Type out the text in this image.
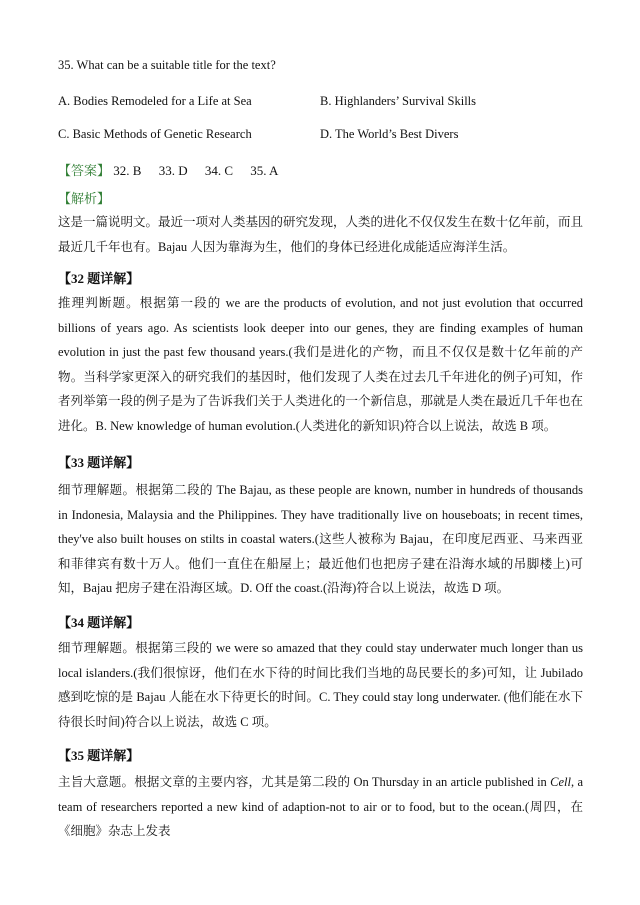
35. What can be a suitable title for the text?
A. Bodies Remodeled for a Life at Sea	B. Highlanders’ Survival Skills
C. Basic Methods of Genetic Research	D. The World’s Best Divers
【答案】 32. B 33. D 34. C 35. A
【解析】
这是一篇说明文。最近一项对人类基因的研究发现，人类的进化不仅仅发生在数十亿年前，而且最近几千年也有。Bajau 人因为靠海为生，他们的身体已经进化成能适应海洋生活。
【32 题详解】
推理判断题。根据第一段的 we are the products of evolution, and not just evolution that occurred billions of years ago. As scientists look deeper into our genes, they are finding examples of human evolution in just the past few thousand years.(我们是进化的产物，而且不仅仅是数十亿年前的产物。当科学家更深入的研究我们的基因时，他们发现了人类在过去几千年进化的例子)可知，作者列举第一段的例子是为了告诉我们关于人类进化的一个新信息，那就是人类在最近几千年也在进化。B. New knowledge of human evolution.(人类进化的新知识)符合以上说法，故选 B 项。
【33 题详解】
细节理解题。根据第二段的 The Bajau, as these people are known, number in hundreds of thousands in Indonesia, Malaysia and the Philippines. They have traditionally live on houseboats; in recent times, they've also built houses on stilts in coastal waters.(这些人被称为 Bajau，在印度尼西亚、马来西亚和菲律宾有数十万人。他们一直住在船屋上；最近他们也把房子建在沿海水域的吊脚楼上)可知，Bajau 把房子建在沿海区域。D. Off the coast.(沿海)符合以上说法，故选 D 项。
【34 题详解】
细节理解题。根据第三段的 we were so amazed that they could stay underwater much longer than us local islanders.(我们很惊讶，他们在水下待的时间比我们当地的岛民要长的多)可知，让 Jubilado 感到吃惊的是 Bajau 人能在水下待更长的时间。C. They could stay long underwater. (他们能在水下待很长时间)符合以上说法，故选 C 项。
【35 题详解】
主旨大意题。根据文章的主要内容，尤其是第二段的 On Thursday in an article published in Cell, a team of researchers reported a new kind of adaption-not to air or to food, but to the ocean.(周四，在《细胞》杂志上发表
